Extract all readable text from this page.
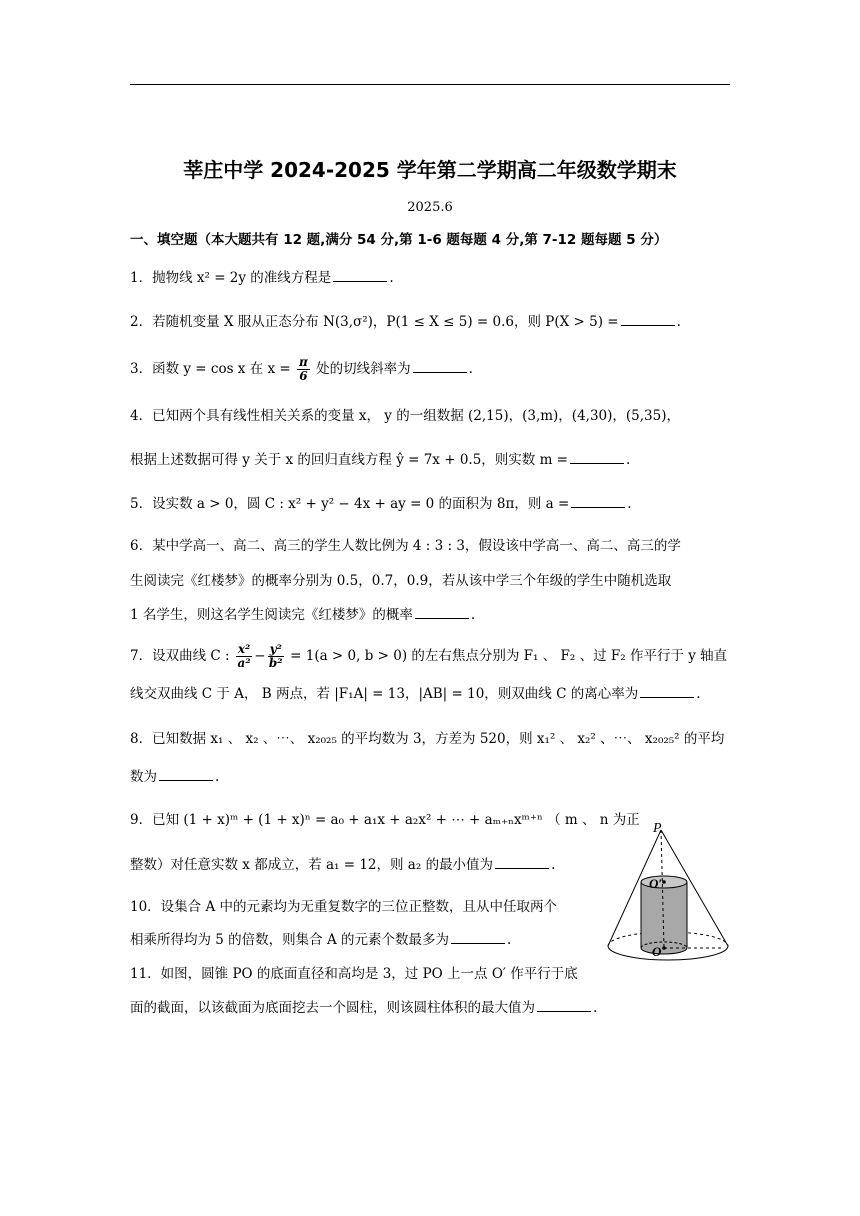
莘庄中学 2024-2025 学年第二学期高二年级数学期末
2025.6
一、填空题（本大题共有 12 题,满分 54 分,第 1-6 题每题 4 分,第 7-12 题每题 5 分）
1．抛物线 x² = 2y 的准线方程是	.
2．若随机变量 X 服从正态分布 N(3,σ²)，P(1 ≤ X ≤ 5) = 0.6，则 P(X > 5) =	.
3．函数 y = cos x 在 $x = \frac{\pi}{6}$ 处的切线斜率为	.
4．已知两个具有线性相关关系的变量 x， y 的一组数据 (2,15)，(3,m)，(4,30)，(5,35)，
根据上述数据可得 y 关于 x 的回归直线方程 ŷ = 7x + 0.5，则实数 m =	.
5．设实数 a > 0，圆 C : x² + y² − 4x + ay = 0 的面积为 8π，则 a =	.
6．某中学高一、高二、高三的学生人数比例为 4 : 3 : 3，假设该中学高一、高二、高三的学
生阅读完《红楼梦》的概率分别为 0.5，0.7，0.9，若从该中学三个年级的学生中随机选取
1 名学生，则这名学生阅读完《红楼梦》的概率	.
7．设双曲线 C : $\frac{\text{x²}}{\text{a²}} - \frac{\text{y²}}{\text{b²}} = 1(a > 0$, b > 0) 的左右焦点分别为 F₁ 、 F₂ 、过 F₂ 作平行于 y 轴直
线交双曲线 C 于 A， B 两点，若 |F₁A| = 13，|AB| = 10，则双曲线 C 的离心率为	.
8．已知数据 x₁ 、 x₂ 、⋯、 x₂₀₂₅ 的平均数为 3，方差为 520，则 x₁² 、 x₂² 、⋯、 x₂₀₂₅² 的平均
数为	.
9．已知 (1 + x)ᵐ + (1 + x)ⁿ = a₀ + a₁x + a₂x² + ⋯ + aₘ₊ₙxᵐ⁺ⁿ （ m 、 n 为正
整数）对任意实数 x 都成立，若 a₁ = 12，则 a₂ 的最小值为	.
10．设集合 A 中的元素均为无重复数字的三位正整数，且从中任取两个
相乘所得均为 5 的倍数，则集合 A 的元素个数最多为	.
11．如图，圆锥 PO 的底面直径和高均是 3，过 PO 上一点 O′ 作平行于底
面的截面，以该截面为底面挖去一个圆柱，则该圆柱体积的最大值为	.
P
O′
O
